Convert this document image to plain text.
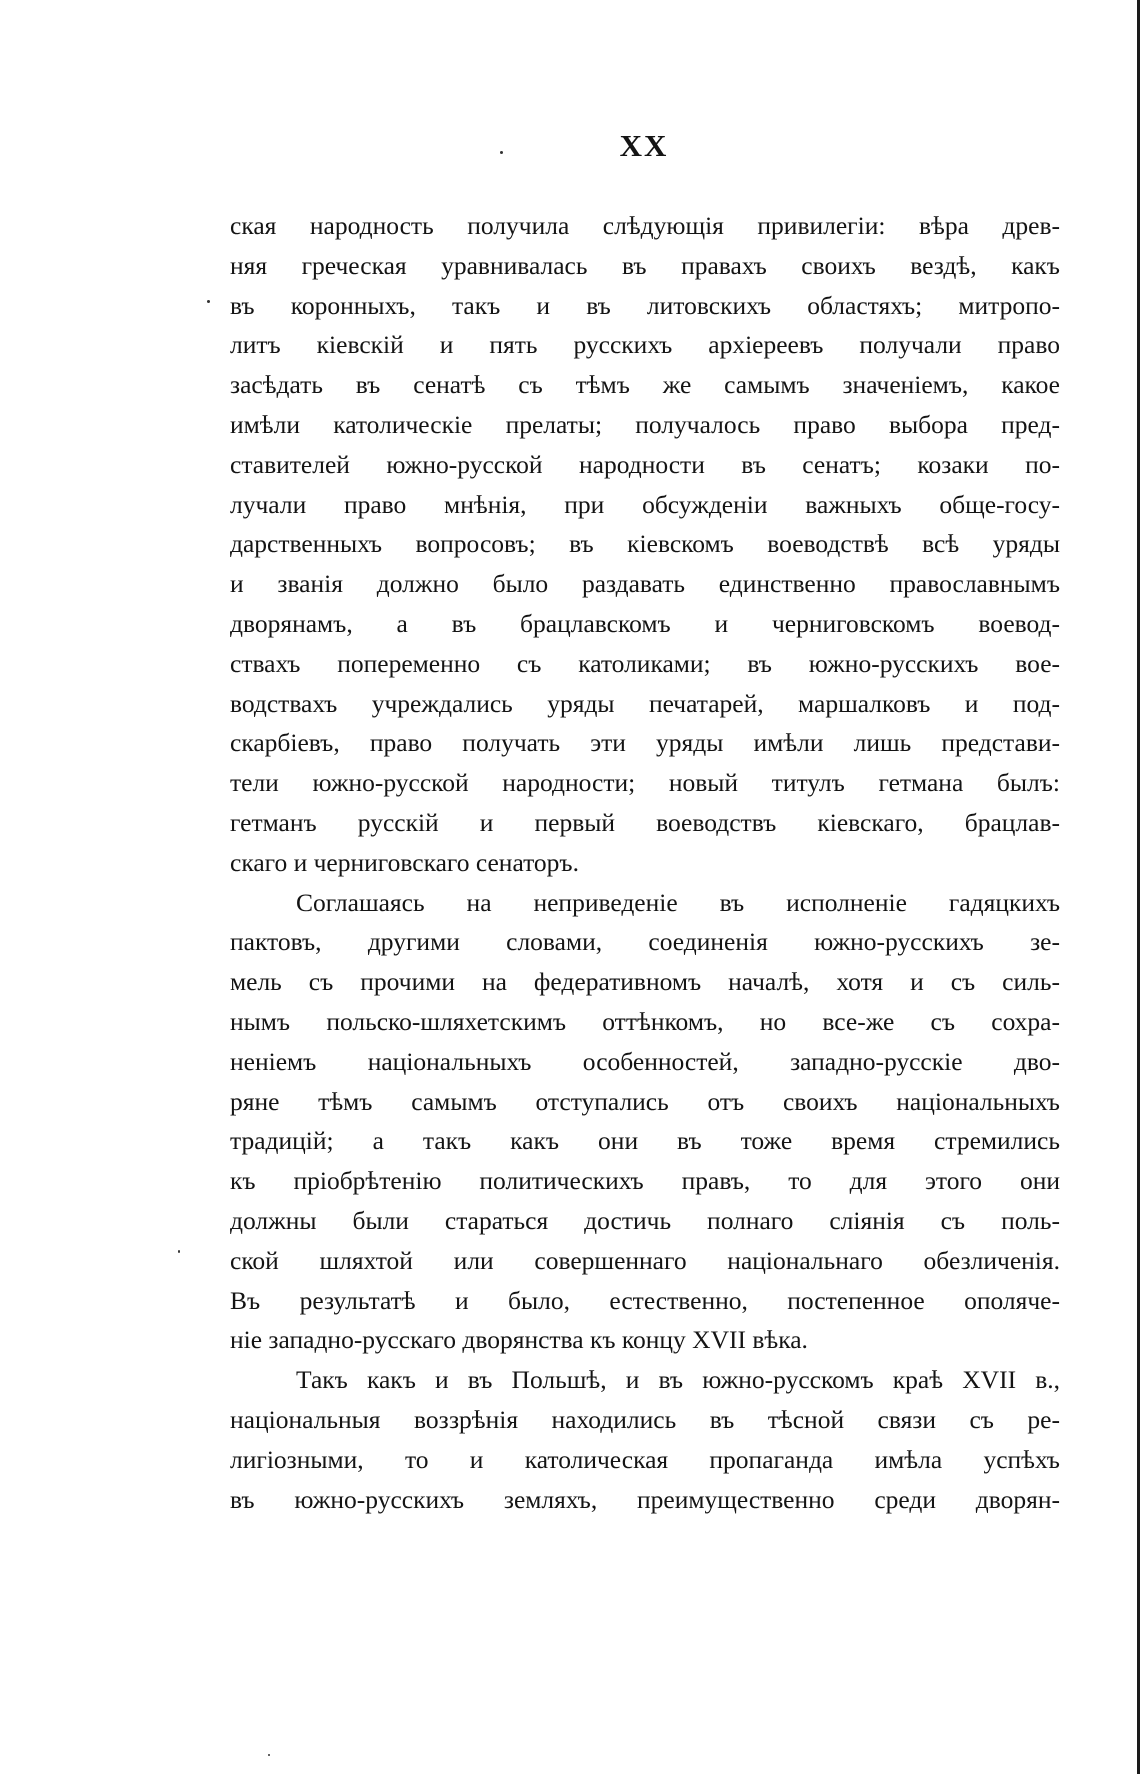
XX
ская народность получила слѣдующія привилегіи: вѣра древ-
няя греческая уравнивалась въ правахъ своихъ вездѣ, какъ
въ коронныхъ, такъ и въ литовскихъ областяхъ; митропо-
литъ кіевскій и пять русскихъ архіереевъ получали право
засѣдать въ сенатѣ съ тѣмъ же самымъ значеніемъ, какое
имѣли католическіе прелаты; получалось право выбора пред-
ставителей южно-русской народности въ сенатъ; козаки по-
лучали право мнѣнія, при обсужденіи важныхъ обще-госу-
дарственныхъ вопросовъ; въ кіевскомъ воеводствѣ всѣ уряды
и званія должно было раздавать единственно православнымъ
дворянамъ, а въ брацлавскомъ и черниговскомъ воевод-
ствахъ попеременно съ католиками; въ южно-русскихъ вое-
водствахъ учреждались уряды печатарей, маршалковъ и под-
скарбіевъ, право получать эти уряды имѣли лишь представи-
тели южно-русской народности; новый титулъ гетмана былъ:
гетманъ русскій и первый воеводствъ кіевскаго, брацлав-
скаго и черниговскаго сенаторъ.
Соглашаясь на неприведеніе въ исполненіе гадяцкихъ
пактовъ, другими словами, соединенія южно-русскихъ зе-
мель съ прочими на федеративномъ началѣ, хотя и съ силь-
нымъ польско-шляхетскимъ оттѣнкомъ, но все-же съ сохра-
неніемъ національныхъ особенностей, западно-русскіе дво-
ряне тѣмъ самымъ отступались отъ своихъ національныхъ
традицій; а такъ какъ они въ тоже время стремились
къ пріобрѣтенію политическихъ правъ, то для этого они
должны были стараться достичь полнаго слiянія съ поль-
ской шляхтой или совершеннаго національнаго обезличенія.
Въ результатѣ и было, естественно, постепенное ополяче-
ніе западно-русскаго дворянства къ концу XVII вѣка.
Такъ какъ и въ Польшѣ, и въ южно-русскомъ краѣ XVII в.,
національныя воззрѣнія находились въ тѣсной связи съ ре-
лигіозными, то и католическая пропаганда имѣла успѣхъ
въ южно-русскихъ земляхъ, преимущественно среди дворян-
